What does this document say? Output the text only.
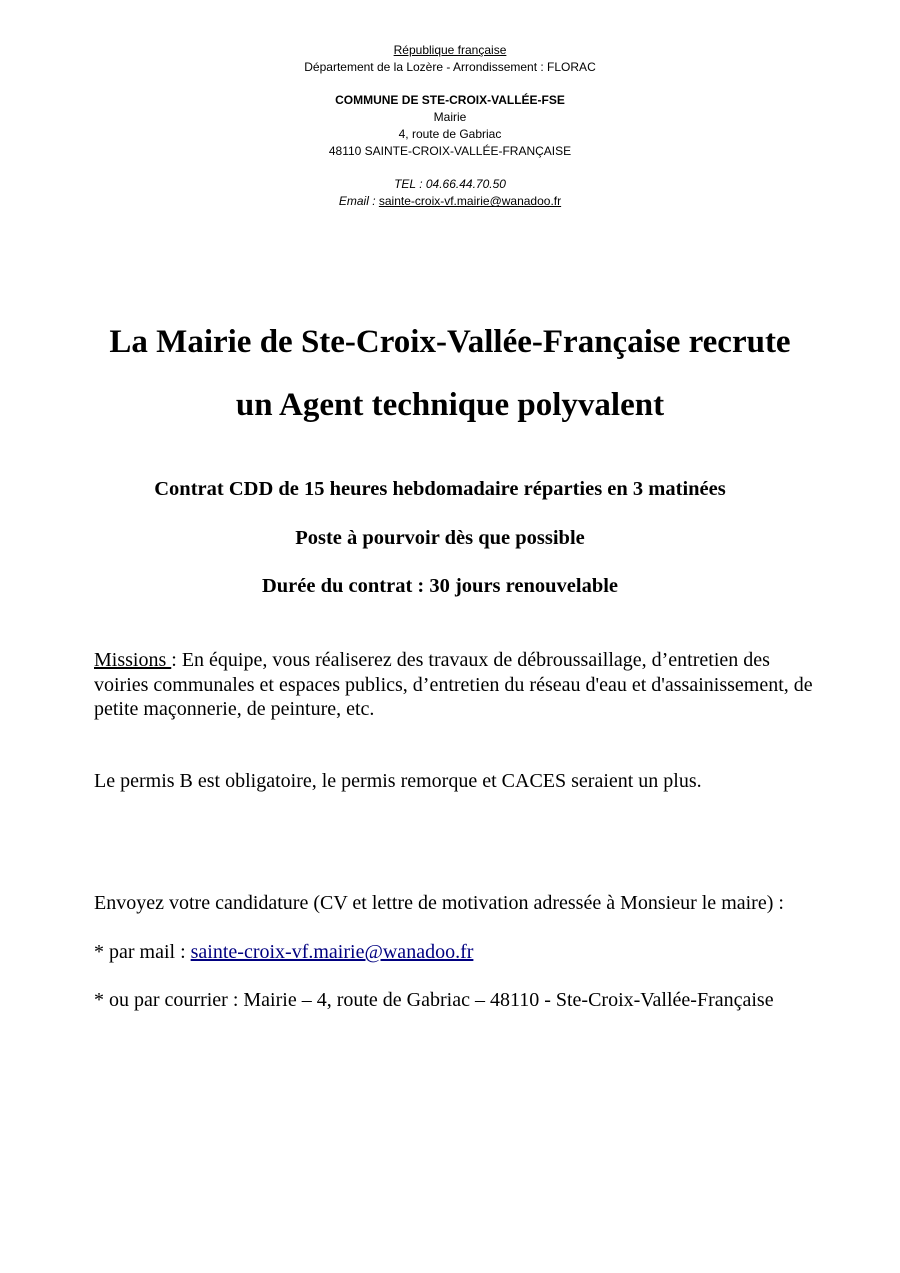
République française
Département de la Lozère - Arrondissement : FLORAC
COMMUNE DE STE-CROIX-VALLÉE-FSE
Mairie
4, route de Gabriac
48110 SAINTE-CROIX-VALLÉE-FRANÇAISE
TEL : 04.66.44.70.50
Email : sainte-croix-vf.mairie@wanadoo.fr
La Mairie de Ste-Croix-Vallée-Française recrute
un Agent technique polyvalent
Contrat CDD de 15 heures hebdomadaire réparties en 3 matinées
Poste à pourvoir dès que possible
Durée du contrat : 30 jours renouvelable
Missions : En équipe, vous réaliserez des travaux de débroussaillage, d’entretien des voiries communales et espaces publics, d’entretien du réseau d'eau et d'assainissement, de petite maçonnerie, de peinture, etc.
Le permis B est obligatoire, le permis remorque et CACES seraient un plus.
Envoyez votre candidature (CV et lettre de motivation adressée à Monsieur le maire) :
* par mail : sainte-croix-vf.mairie@wanadoo.fr
* ou par courrier : Mairie – 4, route de Gabriac – 48110 - Ste-Croix-Vallée-Française
